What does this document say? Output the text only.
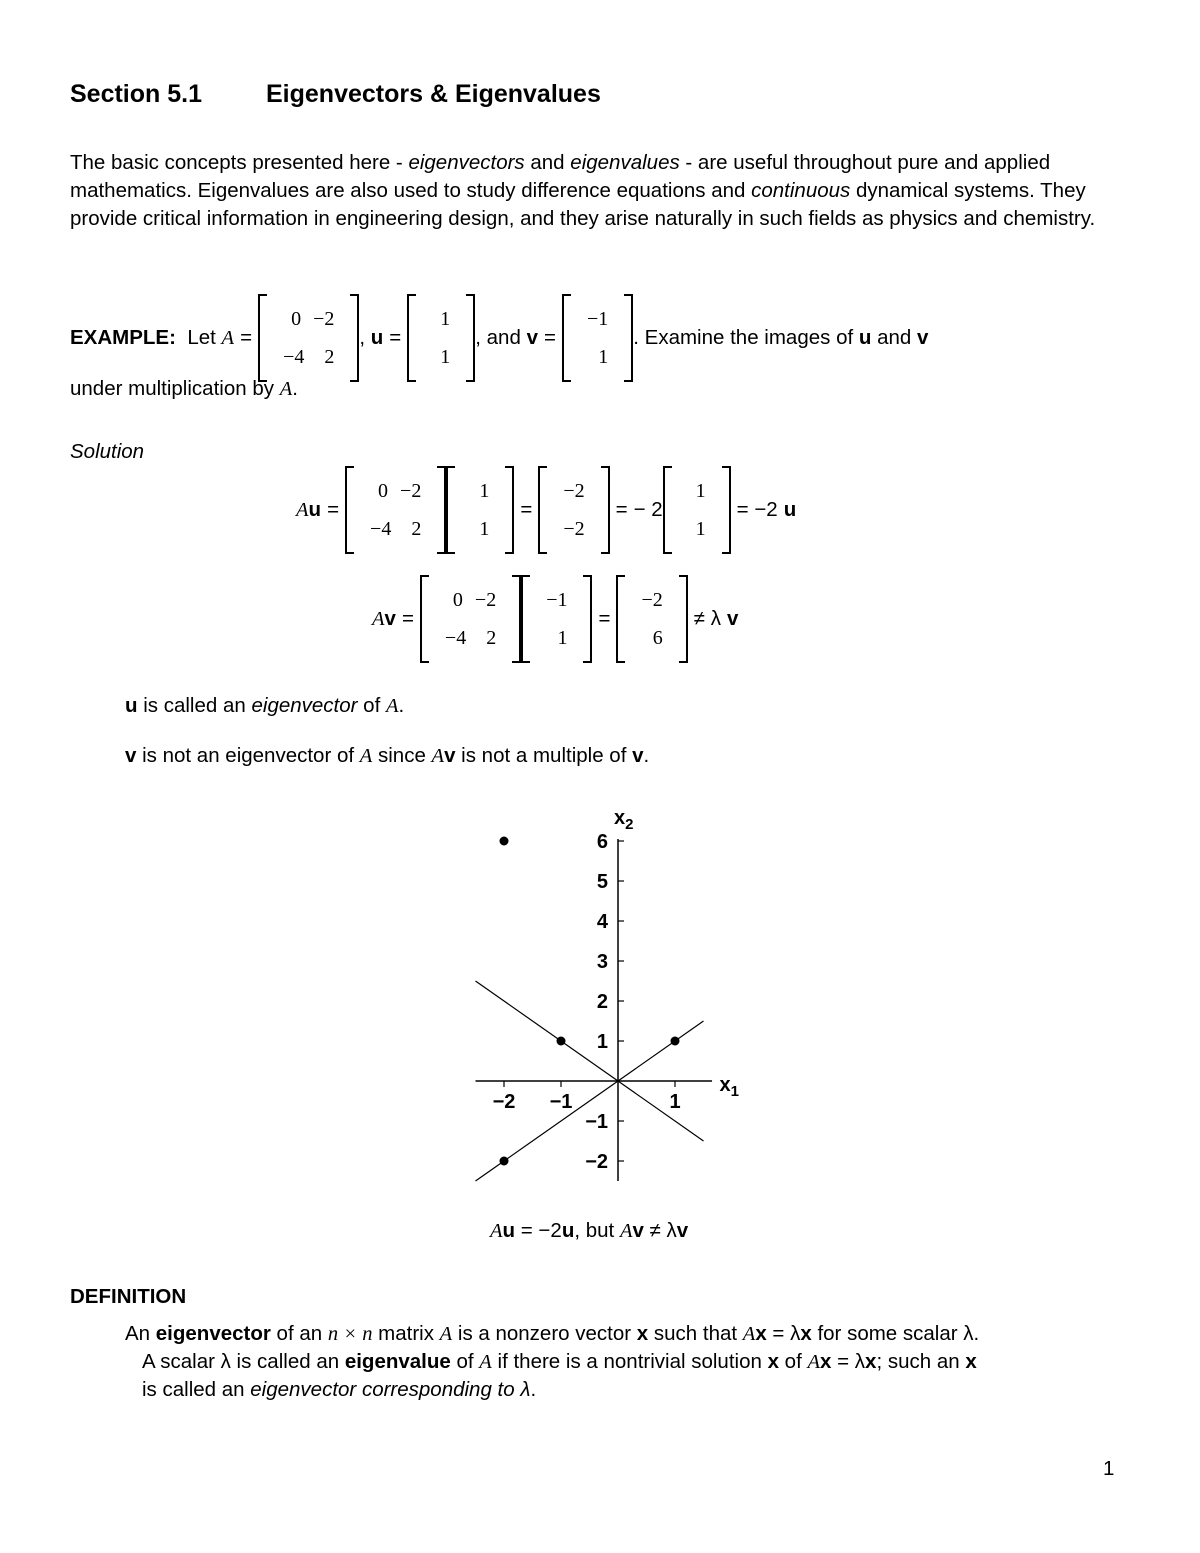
Section 5.1	Eigenvectors & Eigenvalues
The basic concepts presented here - eigenvectors and eigenvalues - are useful throughout pure and applied mathematics. Eigenvalues are also used to study difference equations and continuous dynamical systems. They provide critical information in engineering design, and they arise naturally in such fields as physics and chemistry.
EXAMPLE:
Let
A =
0 −2
−4	2
,
u =
1
1
, and
v =
−1
1
. Examine the images of
u
and
v
under multiplication by A.
Solution
A u =
0 −2
−4	2
1
1
=
−2
−2
= − 2
1
1
= −2 u
A v =
0 −2
−4	2
−1
1
=
−2
6
≠ λ v
u is called an eigenvector of A.
v is not an eigenvector of A since Av is not a multiple of v.
−2 −1	1
−2
−1
1
2
3
4
5
6
$x_1$
$x_2$
Au = −2u, but Av ≠ λv
DEFINITION
An eigenvector of an n × n matrix A is a nonzero vector x such that Ax = λx for some scalar λ.
A scalar λ is called an eigenvalue of A if there is a nontrivial solution x of Ax = λx; such an x
is called an eigenvector corresponding to λ.
1
